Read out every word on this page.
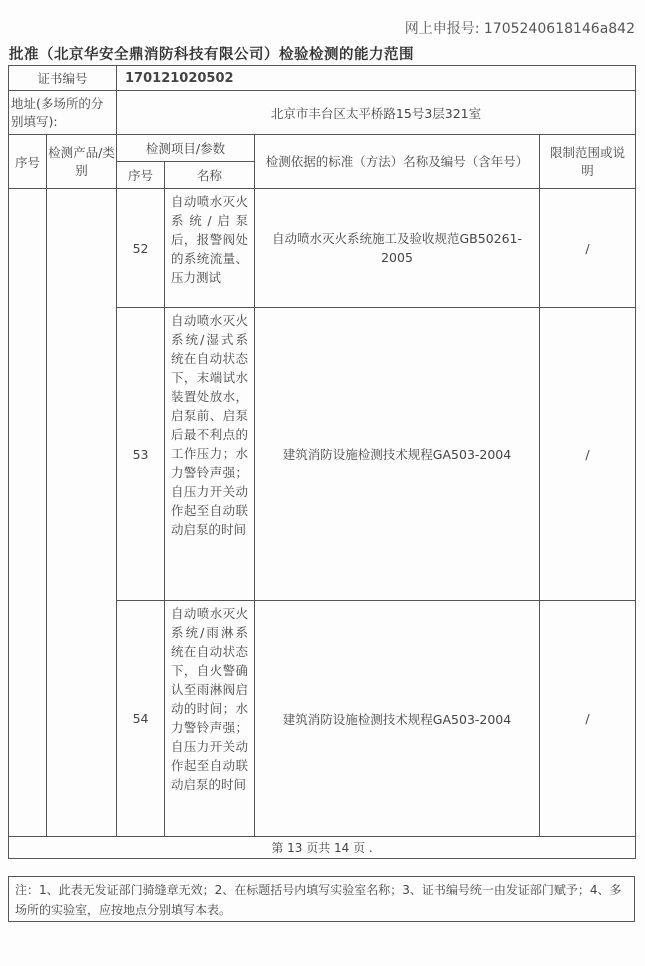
网上申报号: 1705240618146a842
批准（北京华安全鼎消防科技有限公司）检验检测的能力范围
证书编号		170121020502			
地址(多场所的分别填写):		北京市丰台区太平桥路15号3层321室			
序号	检测产品/类别	检测项目/参数		检测依据的标准（方法）名称及编号（含年号）	限制范围或说明
		序号	名称		
		52	自动喷水灭火系统/启泵后，报警阀处的系统流量、压力测试	自动喷水灭火系统施工及验收规范GB50261-2005	/
		53	自动喷水灭火系统/湿式系统在自动状态下，末端试水装置处放水，启泵前、启泵后最不利点的工作压力；水力警铃声强；自压力开关动作起至自动联动启泵的时间	建筑消防设施检测技术规程GA503-2004	/
		54	自动喷水灭火系统/雨淋系统在自动状态下，自火警确认至雨淋阀启动的时间；水力警铃声强；自压力开关动作起至自动联动启泵的时间	建筑消防设施检测技术规程GA503-2004	/
第 13 页共 14 页 .					
注：1、此表无发证部门骑缝章无效；2、在标题括号内填写实验室名称；3、证书编号统一由发证部门赋予；4、多场所的实验室，应按地点分别填写本表。
